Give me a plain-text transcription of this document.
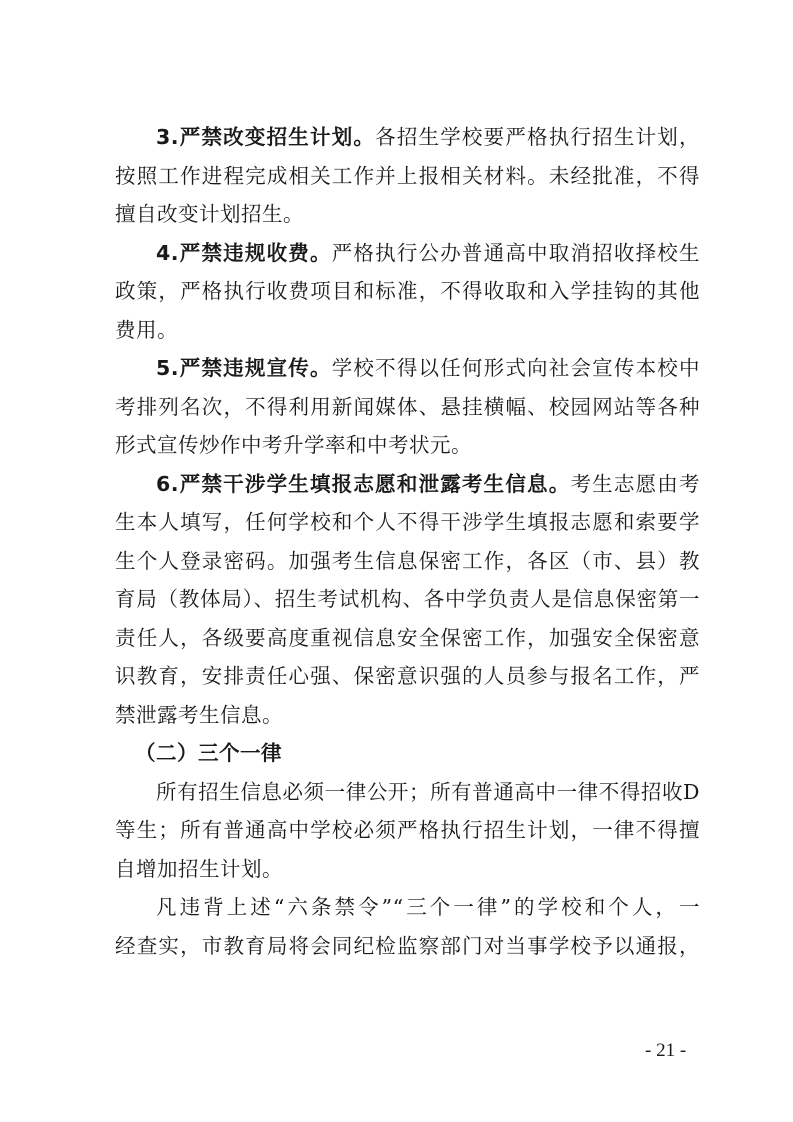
3.严禁改变招生计划。各招生学校要严格执行招生计划，
按照工作进程完成相关工作并上报相关材料。未经批准，不得
擅自改变计划招生。
4.严禁违规收费。严格执行公办普通高中取消招收择校生
政策，严格执行收费项目和标准，不得收取和入学挂钩的其他
费用。
5.严禁违规宣传。学校不得以任何形式向社会宣传本校中
考排列名次，不得利用新闻媒体、悬挂横幅、校园网站等各种
形式宣传炒作中考升学率和中考状元。
6.严禁干涉学生填报志愿和泄露考生信息。考生志愿由考
生本人填写，任何学校和个人不得干涉学生填报志愿和索要学
生个人登录密码。加强考生信息保密工作，各区（市、县）教
育局（教体局）、招生考试机构、各中学负责人是信息保密第一
责任人，各级要高度重视信息安全保密工作，加强安全保密意
识教育，安排责任心强、保密意识强的人员参与报名工作，严
禁泄露考生信息。
（二）三个一律
所有招生信息必须一律公开；所有普通高中一律不得招收D
等生；所有普通高中学校必须严格执行招生计划，一律不得擅
自增加招生计划。
凡违背上述“六条禁令”“三个一律”的学校和个人，一
经查实，市教育局将会同纪检监察部门对当事学校予以通报，
- 21 -
